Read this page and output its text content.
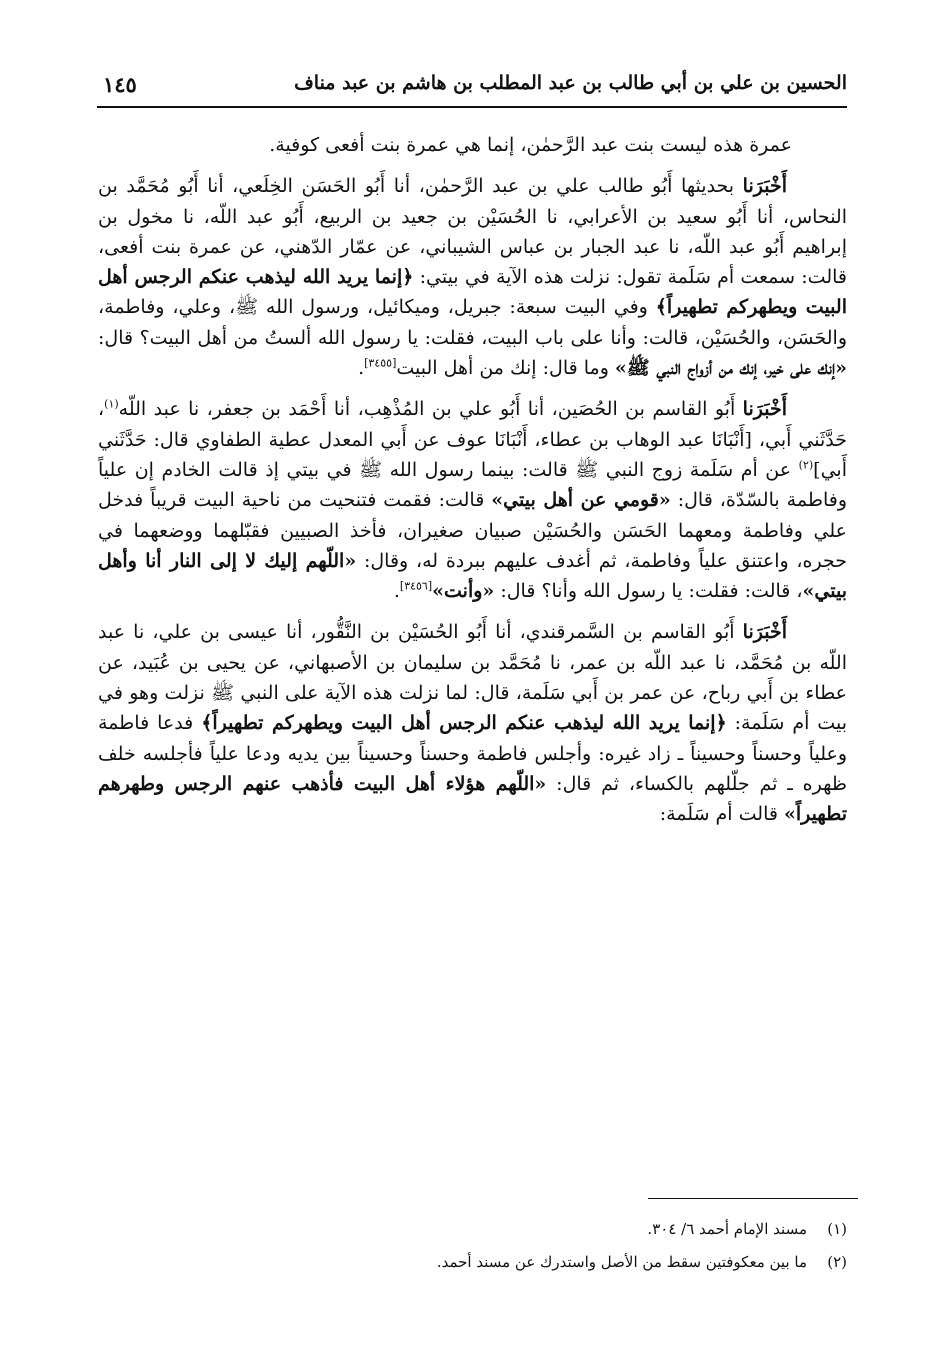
الحسين بن علي بن أبي طالب بن عبد المطلب بن هاشم بن عبد مناف
١٤٥

عمرة هذه ليست بنت عبد الرَّحمٰن، إنما هي عمرة بنت أفعى كوفية.

أَخْبَرَنا بحديثها أَبُو طالب علي بن عبد الرَّحمٰن، أنا أَبُو الحَسَن الخِلَعي، أنا أَبُو مُحَمَّد بن النحاس، أنا أَبُو سعيد بن الأعرابي، نا الحُسَيْن بن جعيد بن الربيع، أَبُو عبد اللّه، نا مخول بن إبراهيم أَبُو عبد اللّه، نا عبد الجبار بن عباس الشيباني، عن عمّار الدّهني، عن عمرة بنت أفعى، قالت: سمعت أم سَلَمة تقول: نزلت هذه الآية في بيتي: ﴿إنما يريد الله ليذهب عنكم الرجس أهل البيت ويطهركم تطهيراً﴾ وفي البيت سبعة: جبريل، وميكائيل، ورسول الله ﷺ، وعلي، وفاطمة، والحَسَن، والحُسَيْن، قالت: وأنا على باب البيت، فقلت: يا رسول الله ألستُ من أهل البيت؟ قال: «إنك على خير، إنك من أزواج النبي ﷺ» وما قال: إنك من أهل البيت[٣٤٥٥].

أَخْبَرَنا أَبُو القاسم بن الحُصَين، أنا أَبُو علي بن المُذْهِب، أنا أَحْمَد بن جعفر، نا عبد اللّه$^{(١)}$، حَدَّثَني أَبي، [أَنْبَانَا عبد الوهاب بن عطاء، أَنْبَانَا عوف عن أَبي المعدل عطية الطفاوي قال: حَدَّثَني أَبي]$^{(٢)}$ عن أم سَلَمة زوج النبي ﷺ قالت: بينما رسول الله ﷺ في بيتي إذ قالت الخادم إن علياً وفاطمة بالسّدّة، قال: «قومي عن أهل بيتي» قالت: فقمت فتنحيت من ناحية البيت قريباً فدخل علي وفاطمة ومعهما الحَسَن والحُسَيْن صبيان صغيران، فأخذ الصبيين فقبّلهما ووضعهما في حجره، واعتنق علياً وفاطمة، ثم أغدف عليهم ببردة له، وقال: «اللّهم إليك لا إلى النار أنا وأهل بيتي»، قالت: فقلت: يا رسول الله وأنا؟ قال: «وأنت»[٣٤٥٦].

أَخْبَرَنا أَبُو القاسم بن السَّمرقندي، أنا أَبُو الحُسَيْن بن النَّقُّور، أنا عيسى بن علي، نا عبد اللّه بن مُحَمَّد، نا عبد اللّه بن عمر، نا مُحَمَّد بن سليمان بن الأصبهاني، عن يحيى بن عُبَيد، عن عطاء بن أَبي رباح، عن عمر بن أَبي سَلَمة، قال: لما نزلت هذه الآية على النبي ﷺ نزلت وهو في بيت أم سَلَمة: ﴿إنما يريد الله ليذهب عنكم الرجس أهل البيت ويطهركم تطهيراً﴾ فدعا فاطمة وعلياً وحسناً وحسيناً ـ زاد غيره: وأجلس فاطمة وحسناً وحسيناً بين يديه ودعا علياً فأجلسه خلف ظهره ـ ثم جلّلهم بالكساء، ثم قال: «اللّهم هؤلاء أهل البيت فأذهب عنهم الرجس وطهرهم تطهيراً» قالت أم سَلَمة:

(١)مسند الإمام أحمد ٦/ ٣٠٤.
(٢)ما بين معكوفتين سقط من الأصل واستدرك عن مسند أحمد.
